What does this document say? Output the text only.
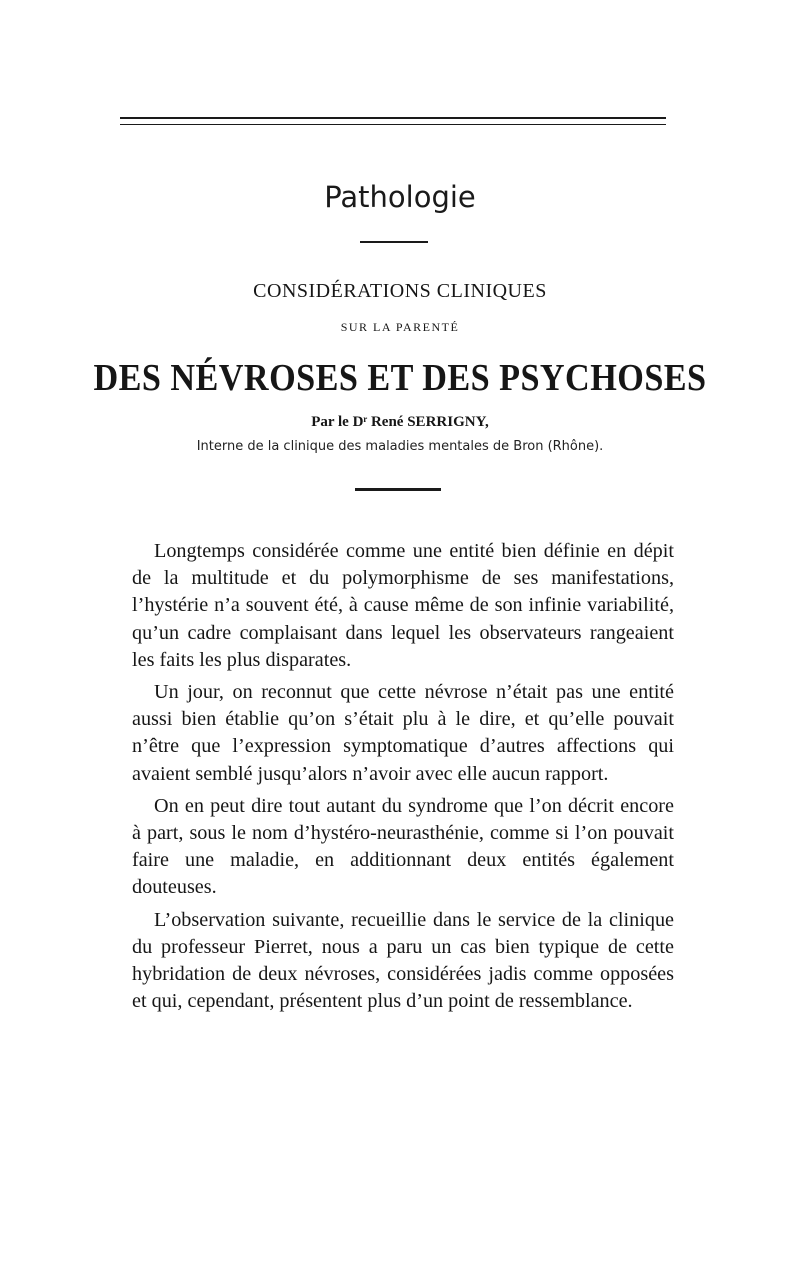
Pathologie
CONSIDÉRATIONS CLINIQUES
SUR LA PARENTÉ
DES NÉVROSES ET DES PSYCHOSES
Par le Dʳ René SERRIGNY,
Interne de la clinique des maladies mentales de Bron (Rhône).

Longtemps considérée comme une entité bien définie en dépit de la multitude et du polymorphisme de ses manifestations, l’hystérie n’a souvent été, à cause même de son infinie variabilité, qu’un cadre complaisant dans lequel les observateurs rangeaient les faits les plus disparates.

Un jour, on reconnut que cette névrose n’était pas une entité aussi bien établie qu’on s’était plu à le dire, et qu’elle pouvait n’être que l’expression symptomatique d’autres affections qui avaient semblé jusqu’alors n’avoir avec elle aucun rapport.

On en peut dire tout autant du syndrome que l’on décrit encore à part, sous le nom d’hystéro-neurasthénie, comme si l’on pouvait faire une maladie, en additionnant deux entités également douteuses.

L’observation suivante, recueillie dans le service de la clinique du professeur Pierret, nous a paru un cas bien typique de cette hybridation de deux névroses, considérées jadis comme opposées et qui, cependant, présentent plus d’un point de ressemblance.
